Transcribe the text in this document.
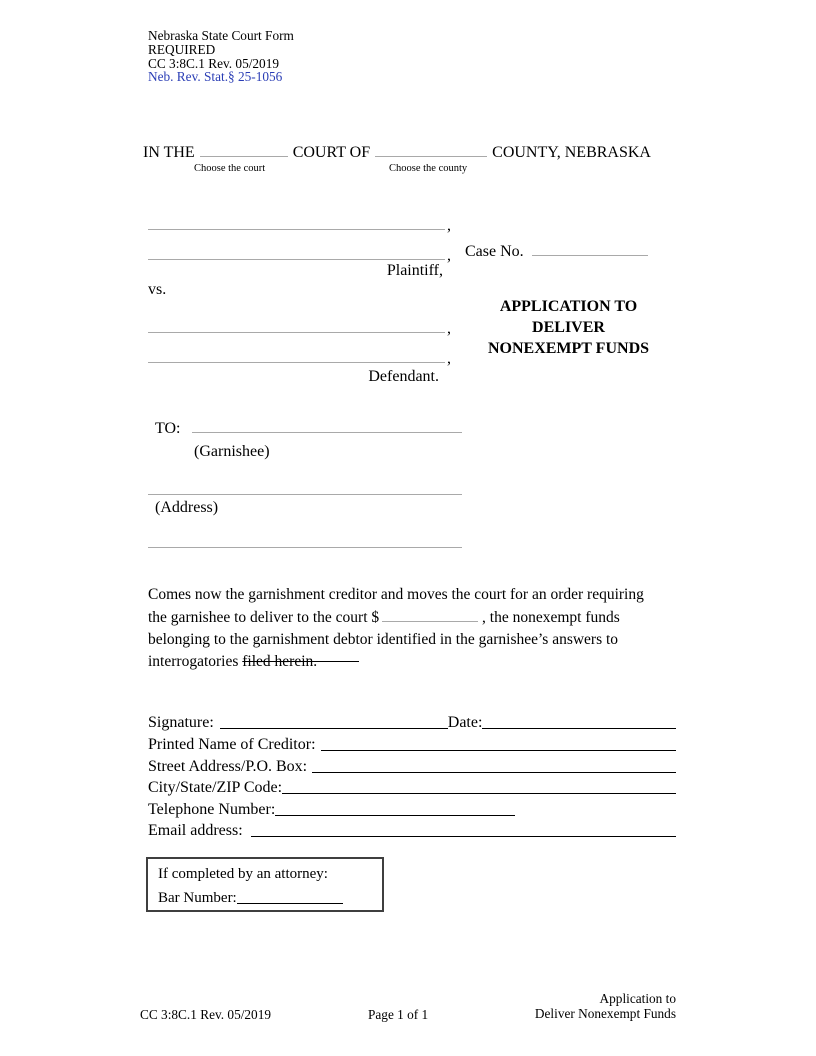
Nebraska State Court Form
REQUIRED
CC 3:8C.1 Rev. 05/2019
Neb. Rev. Stat.§ 25-1056
IN THE	COURT OF	COUNTY, NEBRASKA
Choose the court	Choose the county
,
, Case No.
Plaintiff,
vs.
APPLICATION TO
DELIVER
NONEXEMPT FUNDS
,
,
Defendant.
TO:
(Garnishee)
(Address)

Comes now the garnishment creditor and moves the court for an order requiring the garnishee to deliver to the court $	, the nonexempt funds belonging to the garnishment debtor identified in the garnishee’s answers to interrogatories filed herein.

Signature:	Date:
Printed Name of Creditor:
Street Address/P.O. Box:
City/State/ZIP Code:
Telephone Number:
Email address:
If completed by an attorney:
Bar Number:
CC 3:8C.1 Rev. 05/2019	Page 1 of 1
Application to
Deliver Nonexempt Funds
